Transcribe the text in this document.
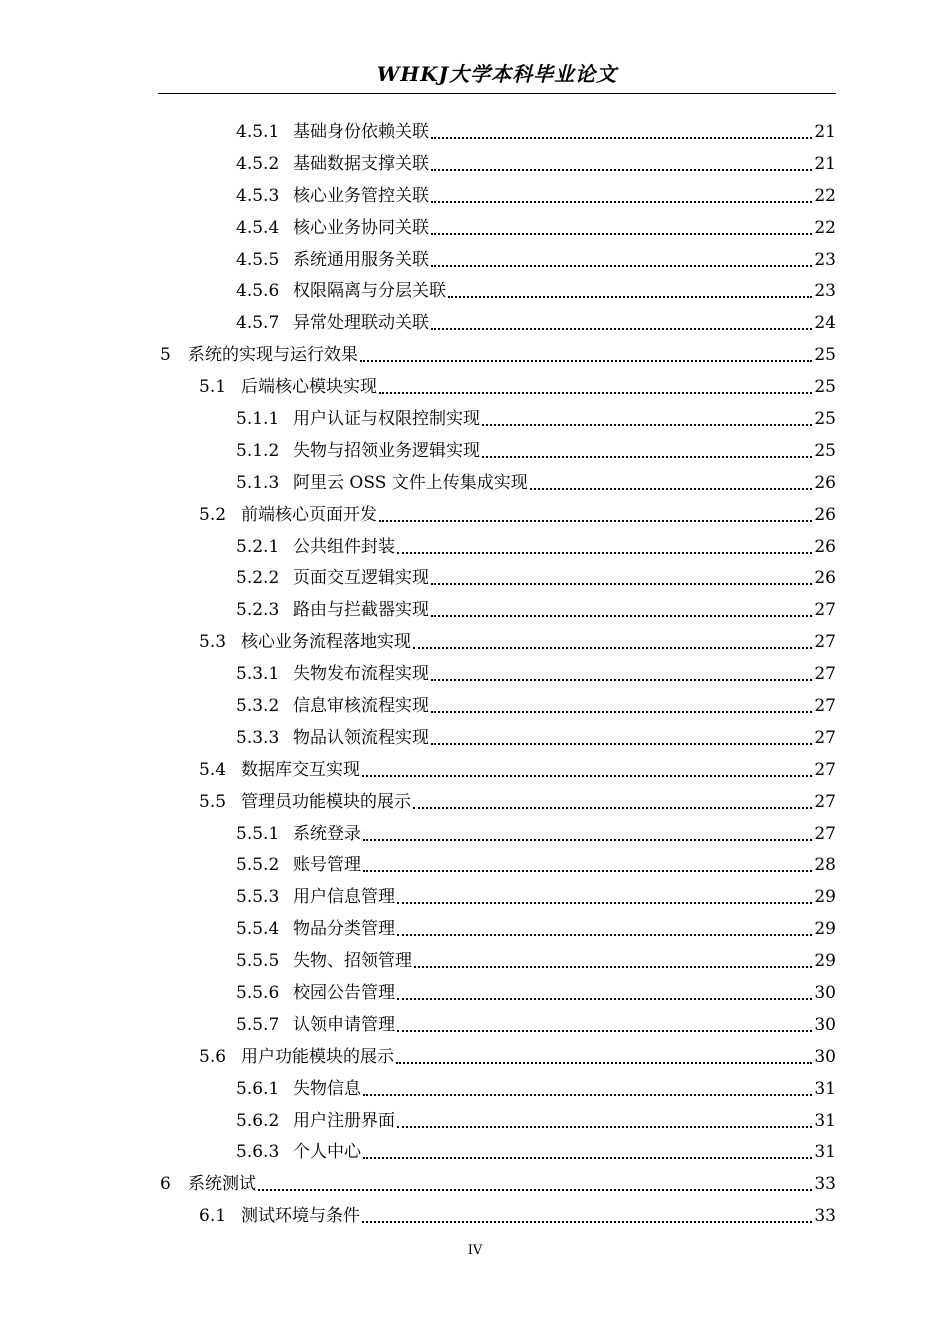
WHKJ大学本科毕业论文
4.5.1 基础身份依赖关联	21
4.5.2 基础数据支撑关联	21
4.5.3 核心业务管控关联	22
4.5.4 核心业务协同关联	22
4.5.5 系统通用服务关联	23
4.5.6 权限隔离与分层关联	23
4.5.7 异常处理联动关联	24
5	系统的实现与运行效果	25
5.1 后端核心模块实现	25
5.1.1 用户认证与权限控制实现	25
5.1.2 失物与招领业务逻辑实现	25
5.1.3 阿里云 OSS 文件上传集成实现	26
5.2 前端核心页面开发	26
5.2.1 公共组件封装	26
5.2.2 页面交互逻辑实现	26
5.2.3 路由与拦截器实现	27
5.3 核心业务流程落地实现	27
5.3.1 失物发布流程实现	27
5.3.2 信息审核流程实现	27
5.3.3 物品认领流程实现	27
5.4 数据库交互实现	27
5.5 管理员功能模块的展示	27
5.5.1 系统登录	27
5.5.2 账号管理	28
5.5.3 用户信息管理	29
5.5.4 物品分类管理	29
5.5.5 失物、招领管理	29
5.5.6 校园公告管理	30
5.5.7 认领申请管理	30
5.6 用户功能模块的展示	30
5.6.1 失物信息	31
5.6.2 用户注册界面	31
5.6.3 个人中心	31
6	系统测试	33
6.1 测试环境与条件	33
IV
